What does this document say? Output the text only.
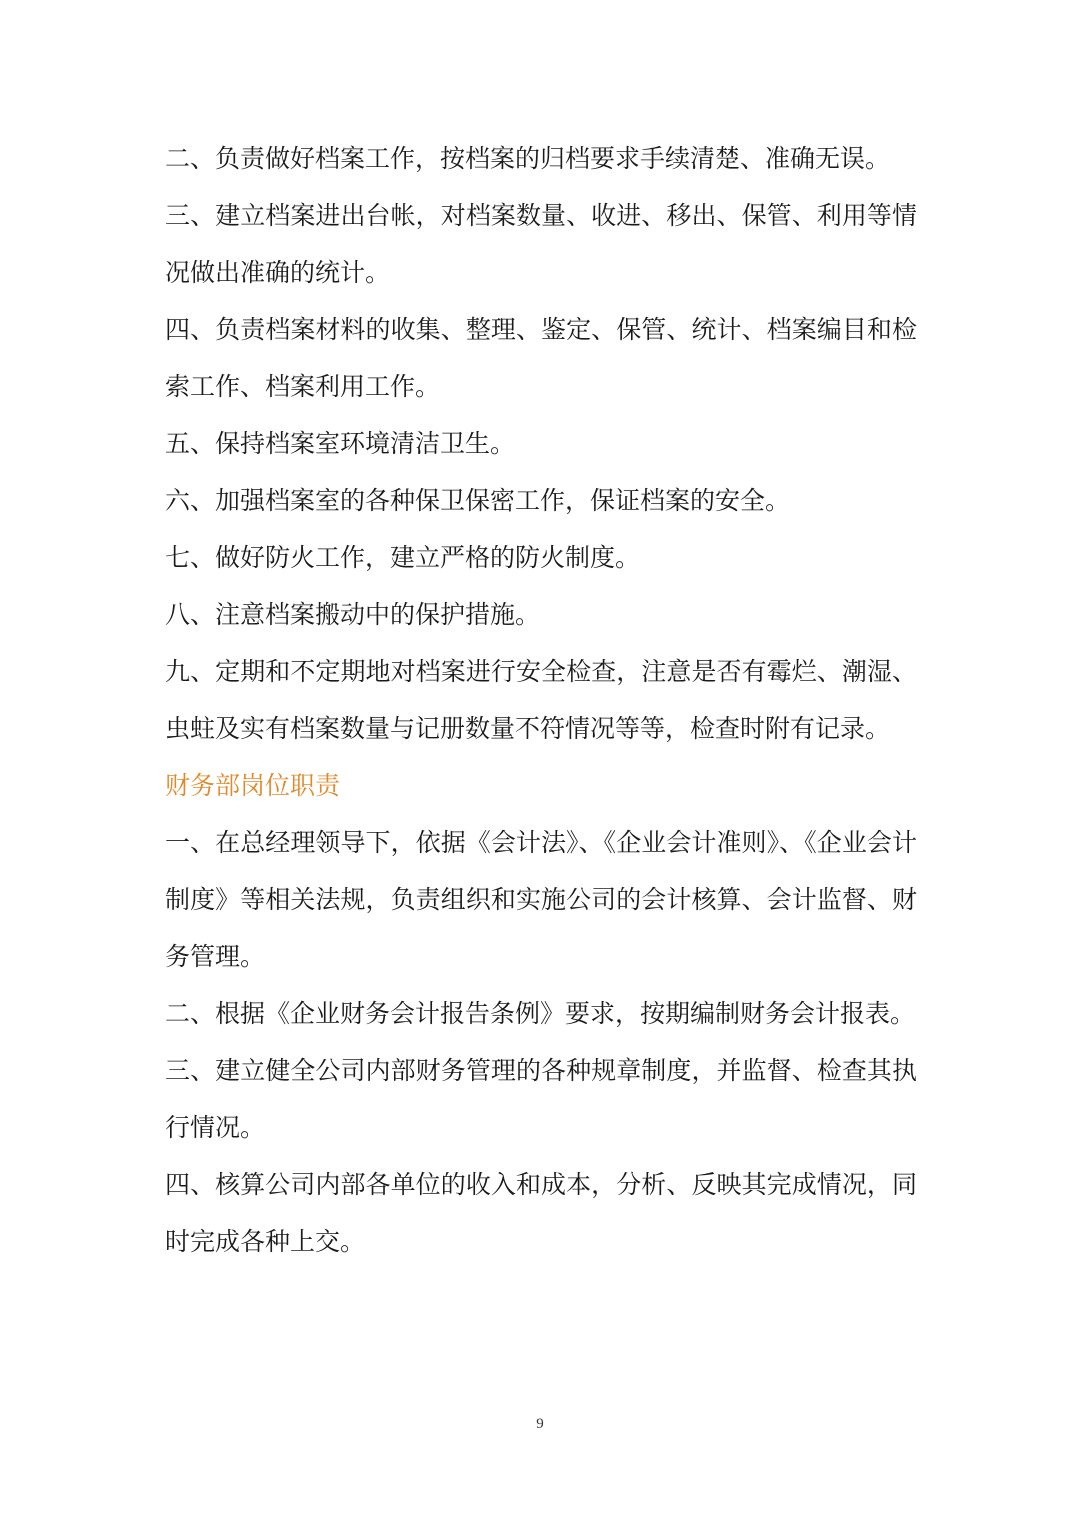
二、负责做好档案工作，按档案的归档要求手续清楚、准确无误。

三、建立档案进出台帐，对档案数量、收进、移出、保管、利用等情况做出准确的统计。

四、负责档案材料的收集、整理、鉴定、保管、统计、档案编目和检索工作、档案利用工作。

五、保持档案室环境清洁卫生。

六、加强档案室的各种保卫保密工作，保证档案的安全。

七、做好防火工作，建立严格的防火制度。

八、注意档案搬动中的保护措施。

九、定期和不定期地对档案进行安全检查，注意是否有霉烂、潮湿、虫蛀及实有档案数量与记册数量不符情况等等，检查时附有记录。

财务部岗位职责

一、在总经理领导下，依据《会计法》、《企业会计准则》、《企业会计制度》等相关法规，负责组织和实施公司的会计核算、会计监督、财务管理。

二、根据《企业财务会计报告条例》要求，按期编制财务会计报表。

三、建立健全公司内部财务管理的各种规章制度，并监督、检查其执行情况。

四、核算公司内部各单位的收入和成本，分析、反映其完成情况，同时完成各种上交。

9
